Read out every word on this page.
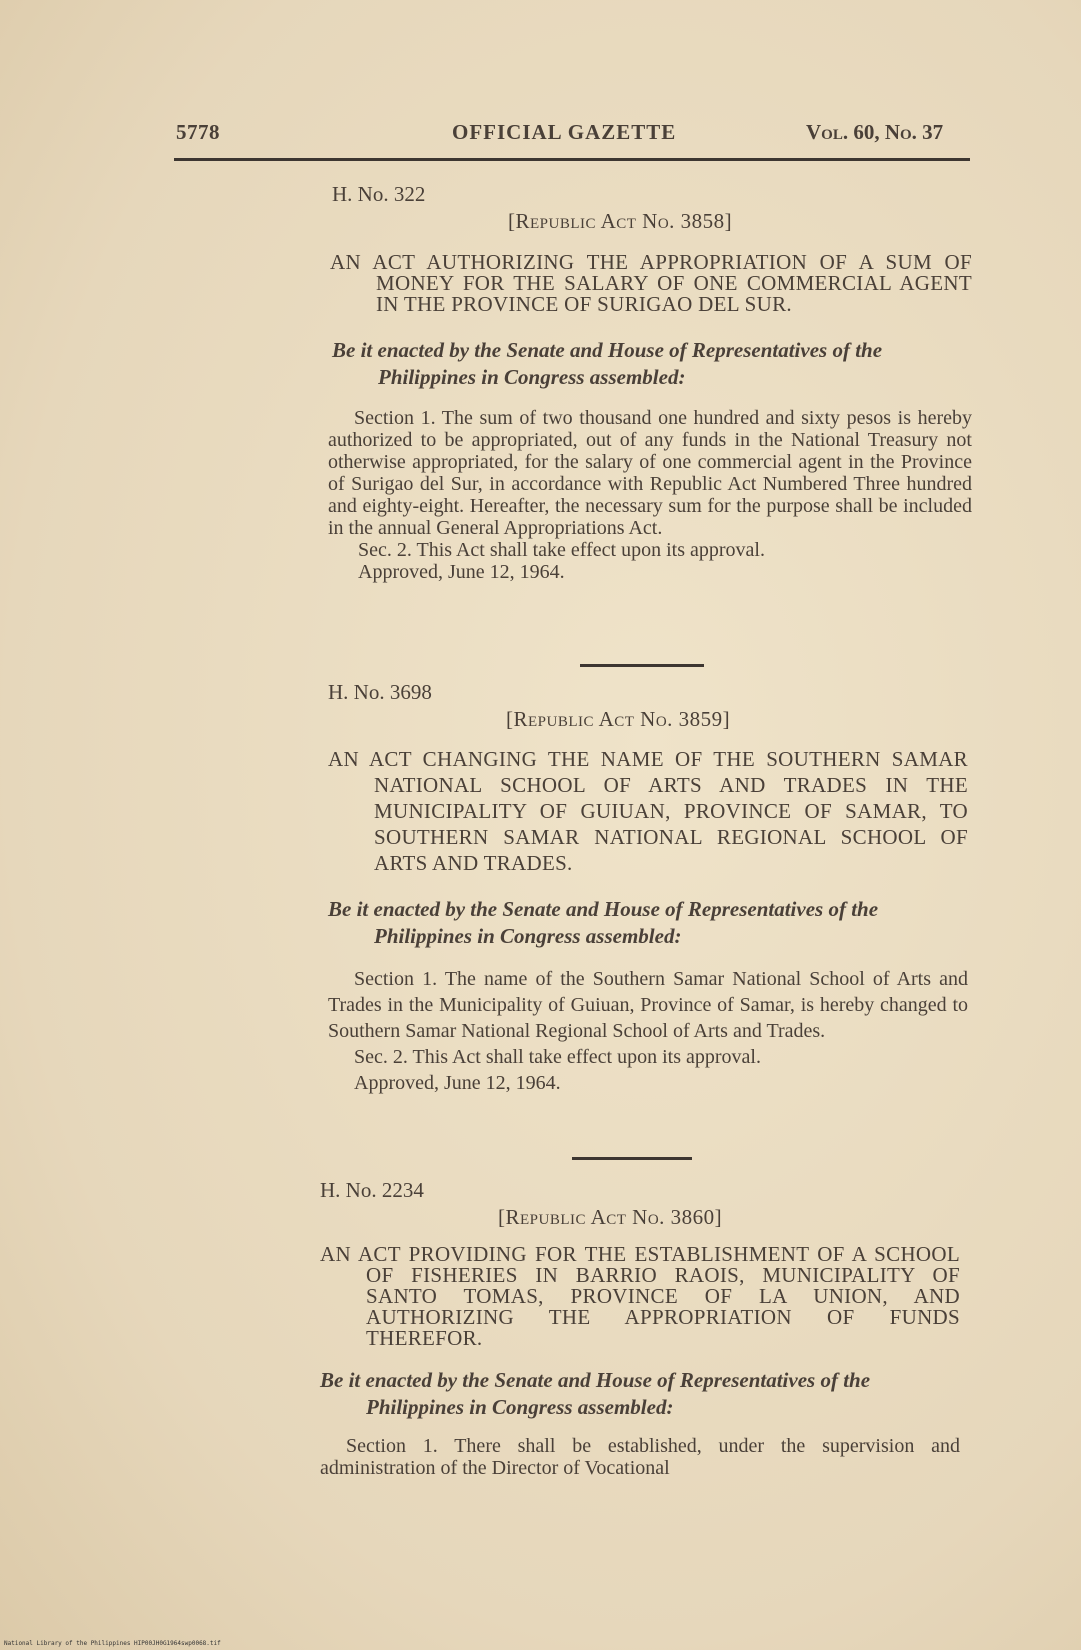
5778	OFFICIAL GAZETTE	Vol. 60, No. 37

H. No. 322

[Republic Act No. 3858]

AN ACT AUTHORIZING THE APPROPRIATION OF A SUM OF MONEY FOR THE SALARY OF ONE COMMERCIAL AGENT IN THE PROVINCE OF SURIGAO DEL SUR.

Be it enacted by the Senate and House of Representatives of the Philippines in Congress assembled:

Section 1. The sum of two thousand one hundred and sixty pesos is hereby authorized to be appropriated, out of any funds in the National Treasury not otherwise appropriated, for the salary of one commercial agent in the Province of Surigao del Sur, in accordance with Republic Act Numbered Three hundred and eighty-eight. Hereafter, the necessary sum for the purpose shall be included in the annual General Appropriations Act.

Sec. 2. This Act shall take effect upon its approval.

Approved, June 12, 1964.

H. No. 3698

[Republic Act No. 3859]

AN ACT CHANGING THE NAME OF THE SOUTHERN SAMAR NATIONAL SCHOOL OF ARTS AND TRADES IN THE MUNICIPALITY OF GUIUAN, PROVINCE OF SAMAR, TO SOUTHERN SAMAR NATIONAL REGIONAL SCHOOL OF ARTS AND TRADES.

Be it enacted by the Senate and House of Representatives of the Philippines in Congress assembled:

Section 1. The name of the Southern Samar National School of Arts and Trades in the Municipality of Guiuan, Province of Samar, is hereby changed to Southern Samar National Regional School of Arts and Trades.

Sec. 2. This Act shall take effect upon its approval.

Approved, June 12, 1964.

H. No. 2234

[Republic Act No. 3860]

AN ACT PROVIDING FOR THE ESTABLISHMENT OF A SCHOOL OF FISHERIES IN BARRIO RAOIS, MUNICIPALITY OF SANTO TOMAS, PROVINCE OF LA UNION, AND AUTHORIZING THE APPROPRIATION OF FUNDS THEREFOR.

Be it enacted by the Senate and House of Representatives of the Philippines in Congress assembled:

Section 1. There shall be established, under the supervision and administration of the Director of Vocational

National Library of the Philippines HIP00JH0G1964swp0068.tif
